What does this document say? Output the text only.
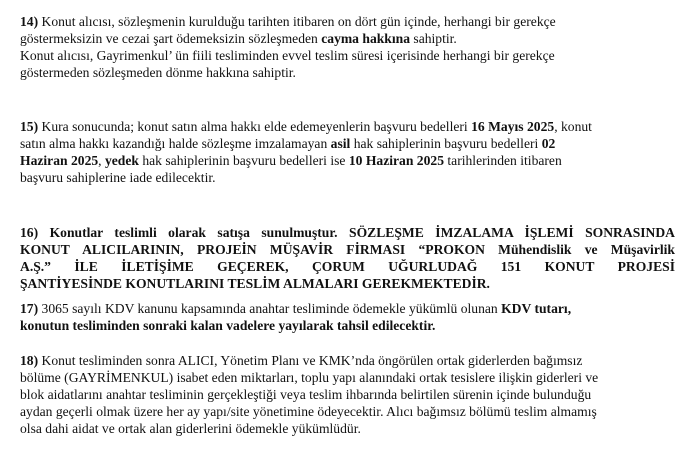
14) Konut alıcısı, sözleşmenin kurulduğu tarihten itibaren on dört gün içinde, herhangi bir gerekçe
göstermeksizin ve cezai şart ödemeksizin sözleşmeden cayma hakkına sahiptir.
Konut alıcısı, Gayrimenkul’ ün fiili tesliminden evvel teslim süresi içerisinde herhangi bir gerekçe
göstermeden sözleşmeden dönme hakkına sahiptir.
15) Kura sonucunda; konut satın alma hakkı elde edemeyenlerin başvuru bedelleri 16 Mayıs 2025, konut
satın alma hakkı kazandığı halde sözleşme imzalamayan asil hak sahiplerinin başvuru bedelleri 02
Haziran 2025, yedek hak sahiplerinin başvuru bedelleri ise 10 Haziran 2025 tarihlerinden itibaren
başvuru sahiplerine iade edilecektir.
16) Konutlar teslimli olarak satışa sunulmuştur. SÖZLEŞME İMZALAMA İŞLEMİ SONRASINDA
KONUT ALICILARININ, PROJEİN MÜŞAVİR FİRMASI “PROKON Mühendislik ve Müşavirlik
A.Ş.” İLE İLETİŞİME GEÇEREK, ÇORUM UĞURLUDAĞ 151 KONUT PROJESİ
ŞANTİYESİNDE KONUTLARINI TESLİM ALMALARI GEREKMEKTEDİR.
17) 3065 sayılı KDV kanunu kapsamında anahtar tesliminde ödemekle yükümlü olunan KDV tutarı,
konutun tesliminden sonraki kalan vadelere yayılarak tahsil edilecektir.
18) Konut tesliminden sonra ALICI, Yönetim Planı ve KMK’nda öngörülen ortak giderlerden bağımsız
bölüme (GAYRİMENKUL) isabet eden miktarları, toplu yapı alanındaki ortak tesislere ilişkin giderleri ve
blok aidatlarını anahtar tesliminin gerçekleştiği veya teslim ihbarında belirtilen sürenin içinde bulunduğu
aydan geçerli olmak üzere her ay yapı/site yönetimine ödeyecektir. Alıcı bağımsız bölümü teslim almamış
olsa dahi aidat ve ortak alan giderlerini ödemekle yükümlüdür.
